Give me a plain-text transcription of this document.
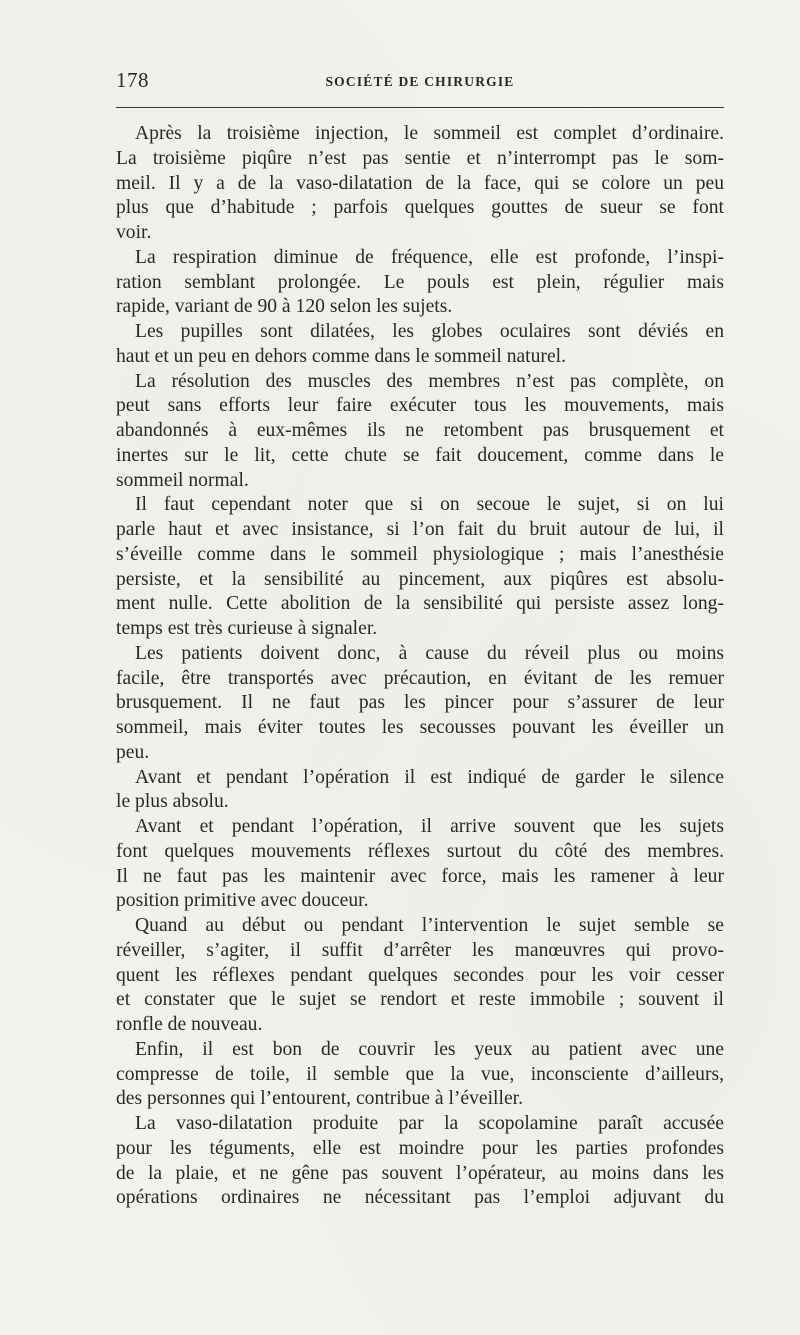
178	SOCIÉTÉ DE CHIRURGIE
Après la troisième injection, le sommeil est complet d’ordinaire.
La troisième piqûre n’est pas sentie et n’interrompt pas le som-
meil. Il y a de la vaso-dilatation de la face, qui se colore un peu
plus que d’habitude ; parfois quelques gouttes de sueur se font
voir.
La respiration diminue de fréquence, elle est profonde, l’inspi-
ration semblant prolongée. Le pouls est plein, régulier mais
rapide, variant de 90 à 120 selon les sujets.
Les pupilles sont dilatées, les globes oculaires sont déviés en
haut et un peu en dehors comme dans le sommeil naturel.
La résolution des muscles des membres n’est pas complète, on
peut sans efforts leur faire exécuter tous les mouvements, mais
abandonnés à eux-mêmes ils ne retombent pas brusquement et
inertes sur le lit, cette chute se fait doucement, comme dans le
sommeil normal.
Il faut cependant noter que si on secoue le sujet, si on lui
parle haut et avec insistance, si l’on fait du bruit autour de lui, il
s’éveille comme dans le sommeil physiologique ; mais l’anesthésie
persiste, et la sensibilité au pincement, aux piqûres est absolu-
ment nulle. Cette abolition de la sensibilité qui persiste assez long-
temps est très curieuse à signaler.
Les patients doivent donc, à cause du réveil plus ou moins
facile, être transportés avec précaution, en évitant de les remuer
brusquement. Il ne faut pas les pincer pour s’assurer de leur
sommeil, mais éviter toutes les secousses pouvant les éveiller un
peu.
Avant et pendant l’opération il est indiqué de garder le silence
le plus absolu.
Avant et pendant l’opération, il arrive souvent que les sujets
font quelques mouvements réflexes surtout du côté des membres.
Il ne faut pas les maintenir avec force, mais les ramener à leur
position primitive avec douceur.
Quand au début ou pendant l’intervention le sujet semble se
réveiller, s’agiter, il suffit d’arrêter les manœuvres qui provo-
quent les réflexes pendant quelques secondes pour les voir cesser
et constater que le sujet se rendort et reste immobile ; souvent il
ronfle de nouveau.
Enfin, il est bon de couvrir les yeux au patient avec une
compresse de toile, il semble que la vue, inconsciente d’ailleurs,
des personnes qui l’entourent, contribue à l’éveiller.
La vaso-dilatation produite par la scopolamine paraît accusée
pour les téguments, elle est moindre pour les parties profondes
de la plaie, et ne gêne pas souvent l’opérateur, au moins dans les
opérations ordinaires ne nécessitant pas l’emploi adjuvant du
